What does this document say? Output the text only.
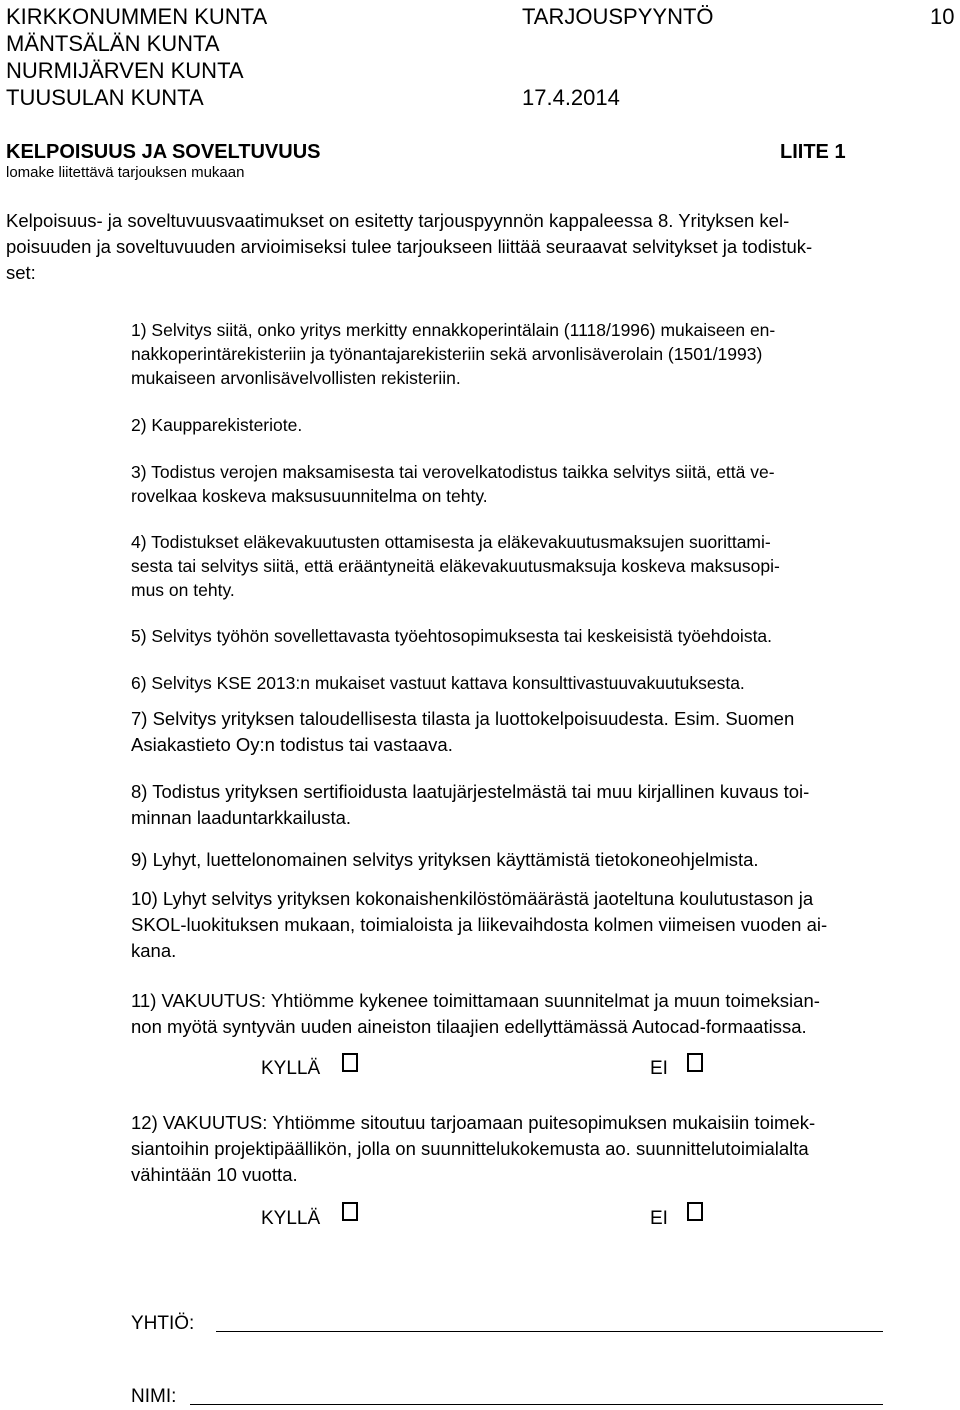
KIRKKONUMMEN KUNTA
MÄNTSÄLÄN KUNTA
NURMIJÄRVEN KUNTA
TUUSULAN KUNTA
TARJOUSPYYNTÖ	10
17.4.2014
KELPOISUUS JA SOVELTUVUUS	LIITE 1
lomake liitettävä tarjouksen mukaan
Kelpoisuus- ja soveltuvuusvaatimukset on esitetty tarjouspyynnön kappaleessa 8. Yrityksen kel-
poisuuden ja soveltuvuuden arvioimiseksi tulee tarjoukseen liittää seuraavat selvitykset ja todistuk-
set:
1) Selvitys siitä, onko yritys merkitty ennakkoperintälain (1118/1996) mukaiseen en-
nakkoperintärekisteriin ja työnantajarekisteriin sekä arvonlisäverolain (1501/1993)
mukaiseen arvonlisävelvollisten rekisteriin.
2) Kaupparekisteriote.
3) Todistus verojen maksamisesta tai verovelkatodistus taikka selvitys siitä, että ve-
rovelkaa koskeva maksusuunnitelma on tehty.
4) Todistukset eläkevakuutusten ottamisesta ja eläkevakuutusmaksujen suorittami-
sesta tai selvitys siitä, että erääntyneitä eläkevakuutusmaksuja koskeva maksusopi-
mus on tehty.
5) Selvitys työhön sovellettavasta työehtosopimuksesta tai keskeisistä työehdoista.
6) Selvitys KSE 2013:n mukaiset vastuut kattava konsulttivastuuvakuutuksesta.
7) Selvitys yrityksen taloudellisesta tilasta ja luottokelpoisuudesta. Esim. Suomen
Asiakastieto Oy:n todistus tai vastaava.
8) Todistus yrityksen sertifioidusta laatujärjestelmästä tai muu kirjallinen kuvaus toi-
minnan laaduntarkkailusta.
9) Lyhyt, luettelonomainen selvitys yrityksen käyttämistä tietokoneohjelmista.
10) Lyhyt selvitys yrityksen kokonaishenkilöstömäärästä jaoteltuna koulutustason ja
SKOL-luokituksen mukaan, toimialoista ja liikevaihdosta kolmen viimeisen vuoden ai-
kana.
11) VAKUUTUS: Yhtiömme kykenee toimittamaan suunnitelmat ja muun toimeksian-
non myötä syntyvän uuden aineiston tilaajien edellyttämässä Autocad-formaatissa.
KYLLÄ	EI
12) VAKUUTUS: Yhtiömme sitoutuu tarjoamaan puitesopimuksen mukaisiin toimek-
siantoihin projektipäällikön, jolla on suunnittelukokemusta ao. suunnittelutoimialalta
vähintään 10 vuotta.
KYLLÄ	EI
YHTIÖ:
NIMI:
